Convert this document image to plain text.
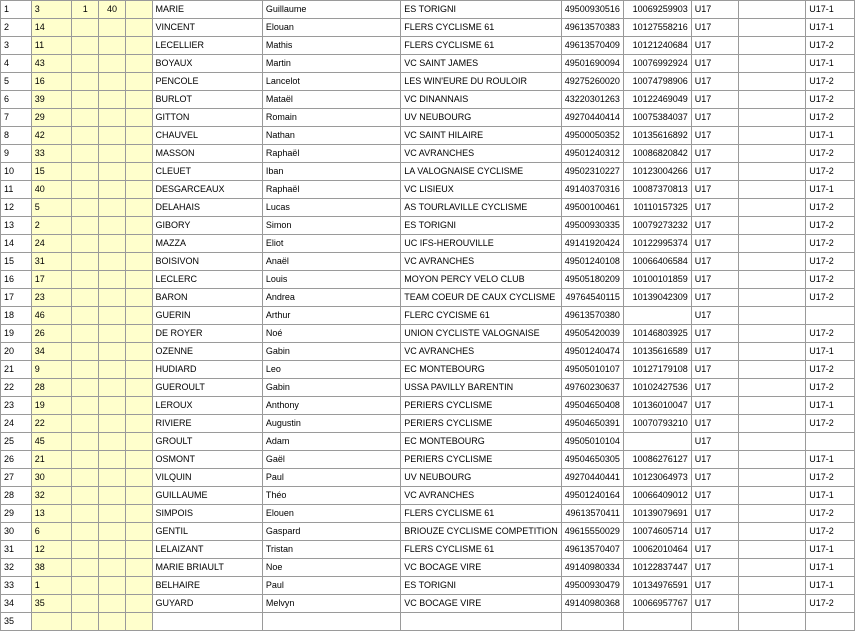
1	3	1	40		MARIE	Guillaume	ES TORIGNI	49500930516	10069259903	U17		U17-1
2	14				VINCENT	Elouan	FLERS CYCLISME 61	49613570383	10127558216	U17		U17-1
3	11				LECELLIER	Mathis	FLERS CYCLISME 61	49613570409	10121240684	U17		U17-2
4	43				BOYAUX	Martin	VC SAINT JAMES	49501690094	10076992924	U17		U17-1
5	16				PENCOLE	Lancelot	LES WIN'EURE DU ROULOIR	49275260020	10074798906	U17		U17-2
6	39				BURLOT	Mataël	VC DINANNAIS	43220301263	10122469049	U17		U17-2
7	29				GITTON	Romain	UV NEUBOURG	49270440414	10075384037	U17		U17-2
8	42				CHAUVEL	Nathan	VC SAINT HILAIRE	49500050352	10135616892	U17		U17-1
9	33				MASSON	Raphaël	VC AVRANCHES	49501240312	10086820842	U17		U17-2
10	15				CLEUET	Iban	LA VALOGNAISE CYCLISME	49502310227	10123004266	U17		U17-2
11	40				DESGARCEAUX	Raphaël	VC LISIEUX	49140370316	10087370813	U17		U17-1
12	5				DELAHAIS	Lucas	AS TOURLAVILLE CYCLISME	49500100461	10110157325	U17		U17-2
13	2				GIBORY	Simon	ES TORIGNI	49500930335	10079273232	U17		U17-2
14	24				MAZZA	Eliot	UC IFS-HEROUVILLE	49141920424	10122995374	U17		U17-2
15	31				BOISIVON	Anaël	VC AVRANCHES	49501240108	10066406584	U17		U17-2
16	17				LECLERC	Louis	MOYON PERCY VELO CLUB	49505180209	10100101859	U17		U17-2
17	23				BARON	Andrea	TEAM COEUR DE CAUX CYCLISME	49764540115	10139042309	U17		U17-2
18	46				GUERIN	Arthur	FLERC CYCISME 61	49613570380		U17		
19	26				DE ROYER	Noé	UNION CYCLISTE VALOGNAISE	49505420039	10146803925	U17		U17-2
20	34				OZENNE	Gabin	VC AVRANCHES	49501240474	10135616589	U17		U17-1
21	9				HUDIARD	Leo	EC MONTEBOURG	49505010107	10127179108	U17		U17-2
22	28				GUEROULT	Gabin	USSA PAVILLY BARENTIN	49760230637	10102427536	U17		U17-2
23	19				LEROUX	Anthony	PERIERS CYCLISME	49504650408	10136010047	U17		U17-1
24	22				RIVIERE	Augustin	PERIERS CYCLISME	49504650391	10070793210	U17		U17-2
25	45				GROULT	Adam	EC MONTEBOURG	49505010104		U17		
26	21				OSMONT	Gaël	PERIERS CYCLISME	49504650305	10086276127	U17		U17-1
27	30				VILQUIN	Paul	UV NEUBOURG	49270440441	10123064973	U17		U17-2
28	32				GUILLAUME	Théo	VC AVRANCHES	49501240164	10066409012	U17		U17-1
29	13				SIMPOIS	Elouen	FLERS CYCLISME 61	49613570411	10139079691	U17		U17-2
30	6				GENTIL	Gaspard	BRIOUZE CYCLISME COMPETITION	49615550029	10074605714	U17		U17-2
31	12				LELAIZANT	Tristan	FLERS CYCLISME 61	49613570407	10062010464	U17		U17-1
32	38				MARIE BRIAULT	Noe	VC BOCAGE VIRE	49140980334	10122837447	U17		U17-1
33	1				BELHAIRE	Paul	ES TORIGNI	49500930479	10134976591	U17		U17-1
34	35				GUYARD	Melvyn	VC BOCAGE VIRE	49140980368	10066957767	U17		U17-2
35												
